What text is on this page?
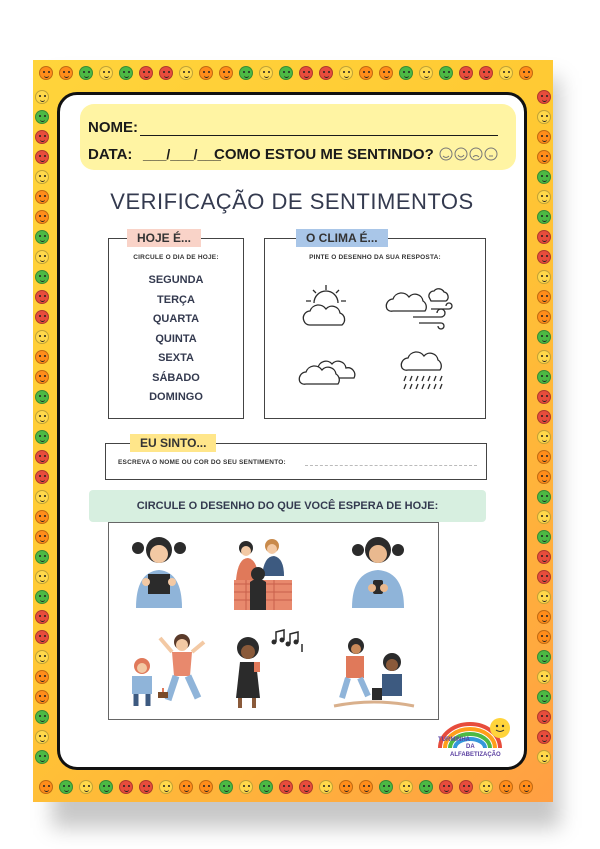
NOME:
DATA: ___/___/___
COMO ESTOU ME SENTINDO?
VERIFICAÇÃO DE SENTIMENTOS
HOJE É...
CIRCULE O DIA DE HOJE:
SEGUNDA
TERÇA
QUARTA
QUINTA
SEXTA
SÁBADO
DOMINGO
O CLIMA É...
PINTE O DESENHO DA SUA RESPOSTA:
EU SINTO...
ESCREVA O NOME OU COR DO SEU SENTIMENTO:
CIRCULE O DESENHO DO QUE VOCÊ ESPERA DE HOJE:
TURMINHA
DA
ALFABETIZAÇÃO
